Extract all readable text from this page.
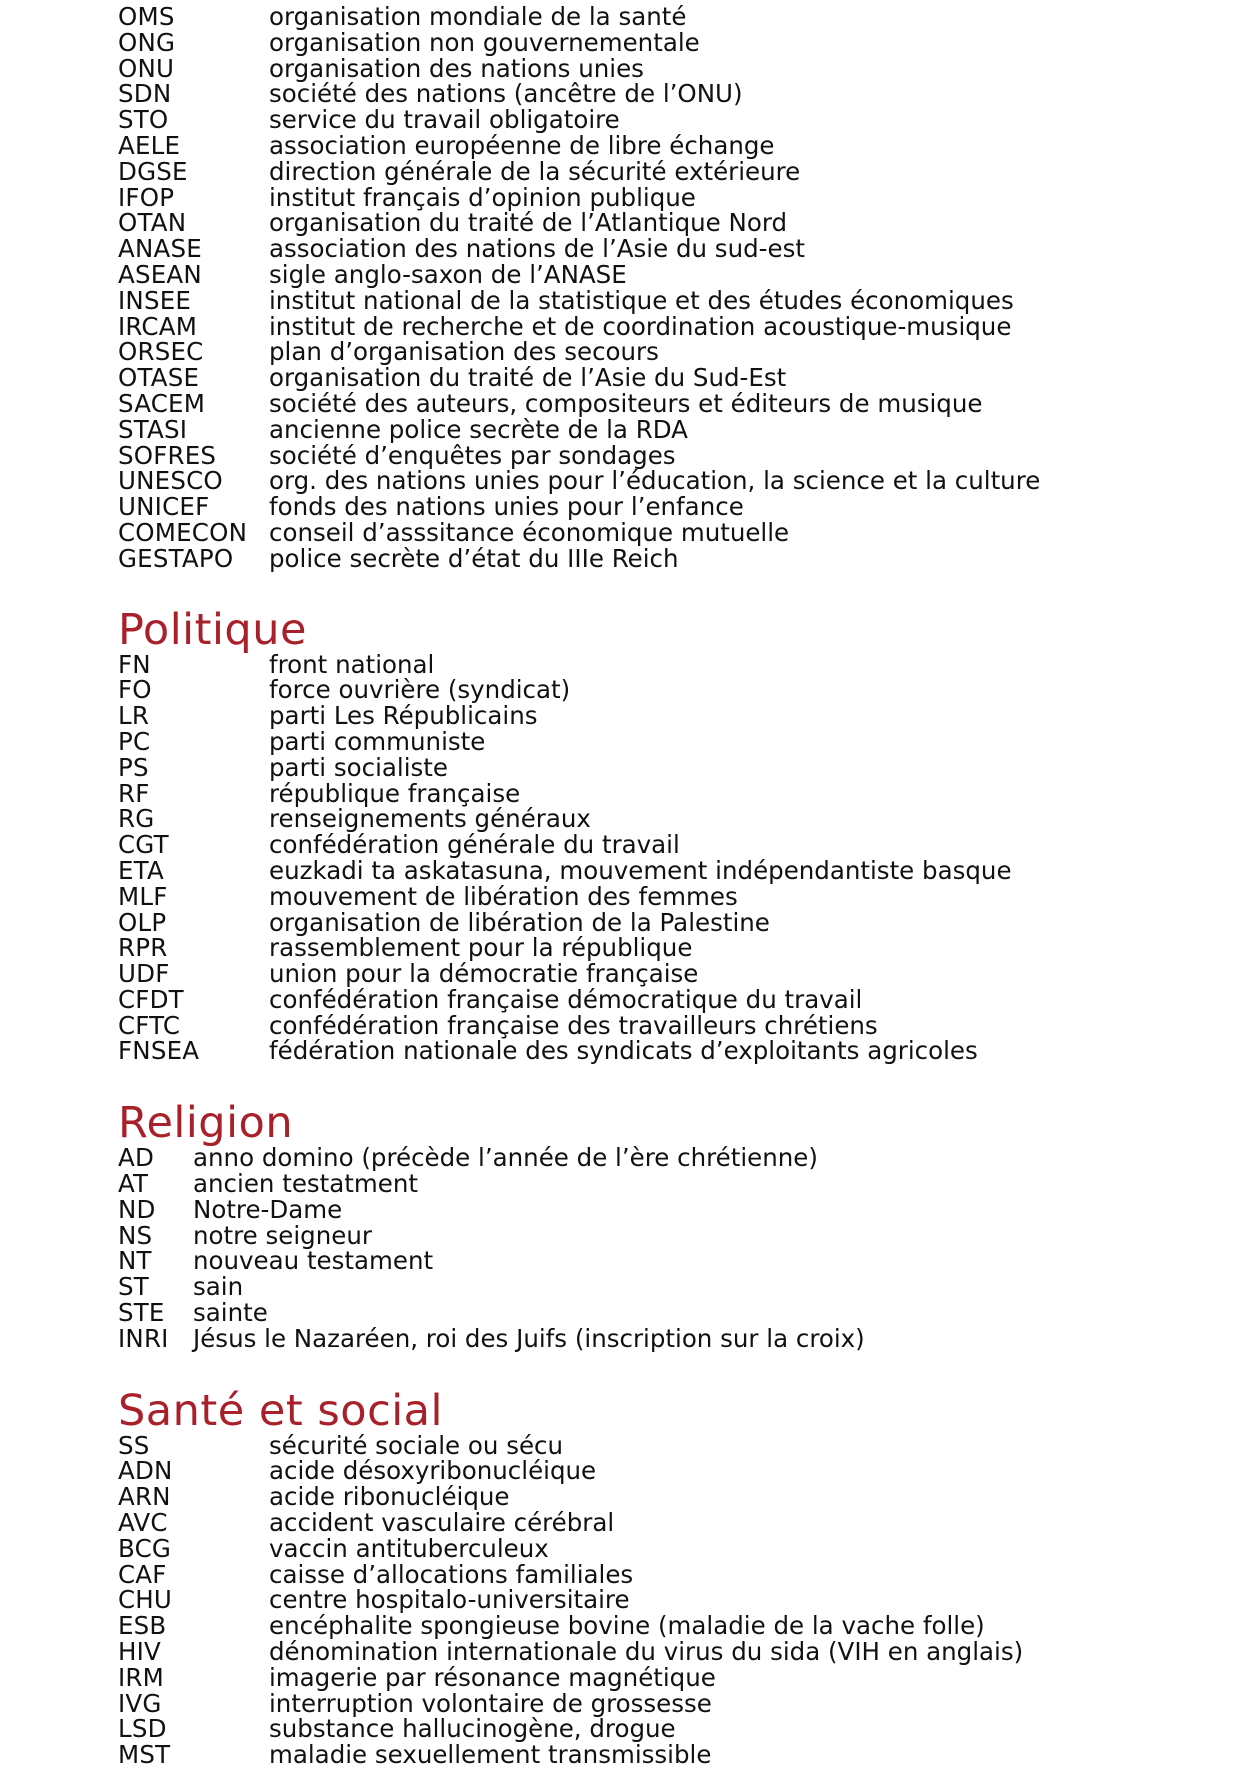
OMS	organisation mondiale de la santé
ONG	organisation non gouvernementale
ONU	organisation des nations unies
SDN	société des nations (ancêtre de l’ONU)
STO	service du travail obligatoire
AELE	association européenne de libre échange
DGSE	direction générale de la sécurité extérieure
IFOP	institut français d’opinion publique
OTAN	organisation du traité de l’Atlantique Nord
ANASE	association des nations de l’Asie du sud-est
ASEAN	sigle anglo-saxon de l’ANASE
INSEE	institut national de la statistique et des études économiques
IRCAM	institut de recherche et de coordination acoustique-musique
ORSEC	plan d’organisation des secours
OTASE	organisation du traité de l’Asie du Sud-Est
SACEM	société des auteurs, compositeurs et éditeurs de musique
STASI	ancienne police secrète de la RDA
SOFRES	société d’enquêtes par sondages
UNESCO	org. des nations unies pour l’éducation, la science et la culture
UNICEF	fonds des nations unies pour l’enfance
COMECON conseil d’asssitance économique mutuelle
GESTAPO	police secrète d’état du IIIe Reich
Politique
FN	front national
FO	force ouvrière (syndicat)
LR	parti Les Républicains
PC	parti communiste
PS	parti socialiste
RF	république française
RG	renseignements généraux
CGT	confédération générale du travail
ETA	euzkadi ta askatasuna, mouvement indépendantiste basque
MLF	mouvement de libération des femmes
OLP	organisation de libération de la Palestine
RPR	rassemblement pour la république
UDF	union pour la démocratie française
CFDT	confédération française démocratique du travail
CFTC	confédération française des travailleurs chrétiens
FNSEA	fédération nationale des syndicats d’exploitants agricoles
Religion
AD	anno domino (précède l’année de l’ère chrétienne)
AT	ancien testatment
ND	Notre-Dame
NS	notre seigneur
NT	nouveau testament
ST	sain
STE	sainte
INRI Jésus le Nazaréen, roi des Juifs (inscription sur la croix)
Santé et social
SS	sécurité sociale ou sécu
ADN	acide désoxyribonucléique
ARN	acide ribonucléique
AVC	accident vasculaire cérébral
BCG	vaccin antituberculeux
CAF	caisse d’allocations familiales
CHU	centre hospitalo-universitaire
ESB	encéphalite spongieuse bovine (maladie de la vache folle)
HIV	dénomination internationale du virus du sida (VIH en anglais)
IRM	imagerie par résonance magnétique
IVG	interruption volontaire de grossesse
LSD	substance hallucinogène, drogue
MST	maladie sexuellement transmissible
